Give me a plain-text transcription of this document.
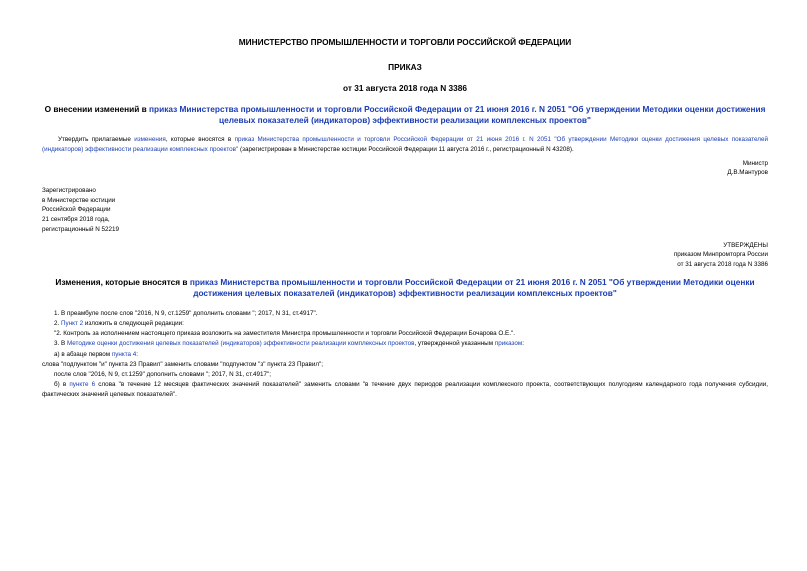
МИНИСТЕРСТВО ПРОМЫШЛЕННОСТИ И ТОРГОВЛИ РОССИЙСКОЙ ФЕДЕРАЦИИ

ПРИКАЗ

от 31 августа 2018 года N 3386

О внесении изменений в приказ Министерства промышленности и торговли Российской Федерации от 21 июня 2016 г. N 2051 "Об утверждении Методики оценки достижения целевых показателей (индикаторов) эффективности реализации комплексных проектов"

Утвердить прилагаемые изменения, которые вносятся в приказ Министерства промышленности и торговли Российской Федерации от 21 июня 2016 г. N 2051 "Об утверждении Методики оценки достижения целевых показателей (индикаторов) эффективности реализации комплексных проектов" (зарегистрирован в Министерстве юстиции Российской Федерации 11 августа 2016 г., регистрационный N 43208).

Министр

Д.В.Мантуров

Зарегистрировано

в Министерстве юстиции

Российской Федерации

21 сентября 2018 года,

регистрационный N 52219

УТВЕРЖДЕНЫ

приказом Минпромторга России

от 31 августа 2018 года N 3386

Изменения, которые вносятся в приказ Министерства промышленности и торговли Российской Федерации от 21 июня 2016 г. N 2051 "Об утверждении Методики оценки достижения целевых показателей (индикаторов) эффективности реализации комплексных проектов"

1. В преамбуле после слов "2016, N 9, ст.1259" дополнить словами "; 2017, N 31, ст.4917".

2. Пункт 2 изложить в следующей редакции:

"2. Контроль за исполнением настоящего приказа возложить на заместителя Министра промышленности и торговли Российской Федерации Бочарова О.Е.".

3. В Методике оценки достижения целевых показателей (индикаторов) эффективности реализации комплексных проектов, утвержденной указанным приказом:

а) в абзаце первом пункта 4:

слова "подпунктом "и" пункта 23 Правил" заменить словами "подпунктом "з" пункта 23 Правил";

после слов "2016, N 9, ст.1259" дополнить словами "; 2017, N 31, ст.4917";

б) в пункте 6 слова "в течение 12 месяцев фактических значений показателей" заменить словами "в течение двух периодов реализации комплексного проекта, соответствующих полугодиям календарного года получения субсидии, фактических значений целевых показателей".
